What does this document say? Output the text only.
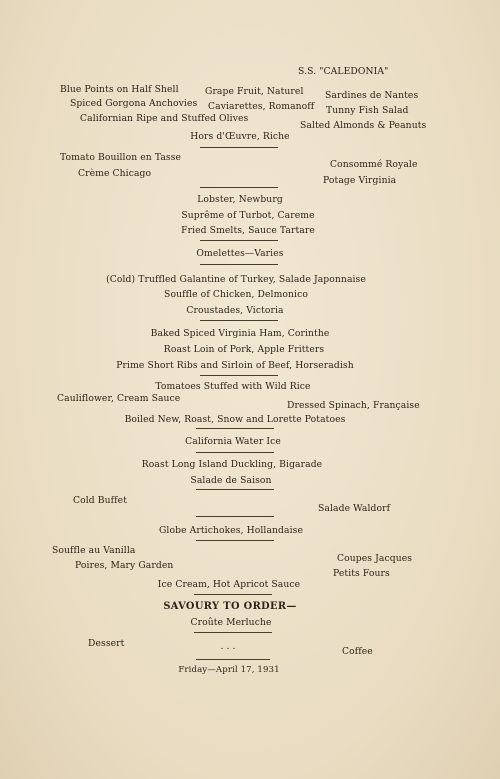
S.S. "CALEDONIA"
Blue Points on Half Shell	Grape Fruit, Naturel Sardines de Nantes
Spiced Gorgona Anchovies Caviarettes, Romanoff Tunny Fish Salad
Californian Ripe and Stuffed Olives
Salted Almonds & Peanuts
Hors d'Œuvre, Riche
Tomato Bouillon en Tasse
Consommé Royale
Crème Chicago
Potage Virginia
Lobster, Newburg
Suprême of Turbot, Careme
Fried Smelts, Sauce Tartare
Omelettes—Varies
(Cold) Truffled Galantine of Turkey, Salade Japonnaise
Souffle of Chicken, Delmonico
Croustades, Victoria
Baked Spiced Virginia Ham, Corinthe
Roast Loin of Pork, Apple Fritters
Prime Short Ribs and Sirloin of Beef, Horseradish
Tomatoes Stuffed with Wild Rice
Cauliflower, Cream Sauce
Dressed Spinach, Française
Boiled New, Roast, Snow and Lorette Potatoes
California Water Ice
Roast Long Island Duckling, Bigarade
Salade de Saison
Cold Buffet
Salade Waldorf
Globe Artichokes, Hollandaise
Souffle au Vanilla
Coupes Jacques
Poires, Mary Garden
Petits Fours
Ice Cream, Hot Apricot Sauce
SAVOURY TO ORDER—
Croûte Merluche
Dessert	. . .	Coffee
Friday—April 17, 1931
